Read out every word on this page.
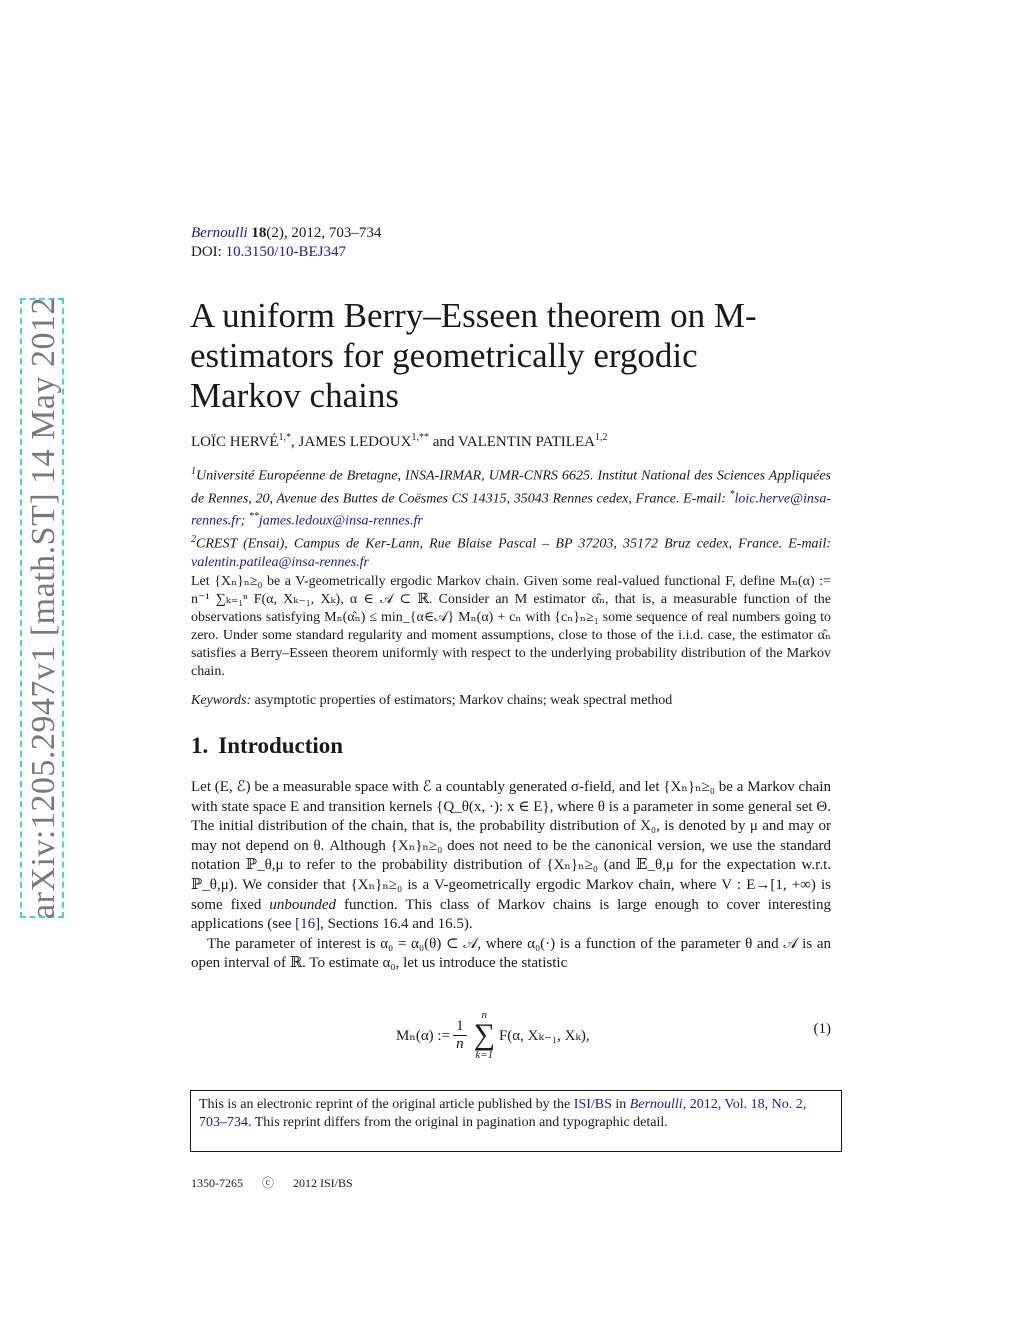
arXiv:1205.2947v1 [math.ST] 14 May 2012
Bernoulli 18(2), 2012, 703–734
DOI: 10.3150/10-BEJ347
A uniform Berry–Esseen theorem on M-estimators for geometrically ergodic Markov chains
LOÏC $HERVÉ^{1,*}$, JAMES $LEDOUX^{1,**}$ and VALENTIN PATILEA$^{1,2}$
$^1$Université Européenne de Bretagne, INSA-IRMAR, UMR-CNRS 6625. Institut National des Sciences Appliquées de Rennes, 20, Avenue des Buttes de Coësmes CS 14315, 35043 Rennes cedex, France. E-mail: *loic.herve@insa-rennes.fr; **james.ledoux@insa-rennes.fr
$^2$CREST (Ensai), Campus de Ker-Lann, Rue Blaise Pascal – BP 37203, 35172 Bruz cedex, France. E-mail: valentin.patilea@insa-rennes.fr
Let {Xₙ}ₙ≥₀ be a V-geometrically ergodic Markov chain. Given some real-valued functional F, define Mₙ(α) := n⁻¹ ∑ₖ₌₁ⁿ F(α, Xₖ₋₁, Xₖ), α ∈ 𝒜 ⊂ ℝ. Consider an M estimator α̂ₙ, that is, a measurable function of the observations satisfying Mₙ(α̂ₙ) ≤ min_{α∈𝒜} Mₙ(α) + cₙ with {cₙ}ₙ≥₁ some sequence of real numbers going to zero. Under some standard regularity and moment assumptions, close to those of the i.i.d. case, the estimator α̂ₙ satisfies a Berry–Esseen theorem uniformly with respect to the underlying probability distribution of the Markov chain.
Keywords: asymptotic properties of estimators; Markov chains; weak spectral method
1. Introduction

Let (E, ℰ) be a measurable space with ℰ a countably generated σ-field, and let {Xₙ}ₙ≥₀ be a Markov chain with state space E and transition kernels {Q_θ(x, ·): x ∈ E}, where θ is a parameter in some general set Θ. The initial distribution of the chain, that is, the probability distribution of X₀, is denoted by μ and may or may not depend on θ. Although {Xₙ}ₙ≥₀ does not need to be the canonical version, we use the standard notation ℙ_θ,μ to refer to the probability distribution of {Xₙ}ₙ≥₀ (and 𝔼_θ,μ for the expectation w.r.t. ℙ_θ,μ). We consider that {Xₙ}ₙ≥₀ is a V-geometrically ergodic Markov chain, where V : E→[1, +∞) is some fixed unbounded function. This class of Markov chains is large enough to cover interesting applications (see [16], Sections 16.4 and 16.5).

The parameter of interest is α₀ = α₀(θ) ⊂ 𝒜, where α₀(·) is a function of the parameter θ and 𝒜 is an open interval of ℝ. To estimate α₀, let us introduce the statistic

Mₙ(α) := $\frac{1}{n}$
n
∑
k=1
F(α, Xₖ₋₁, Xₖ),	(1)
This is an electronic reprint of the original article published by the ISI/BS in Bernoulli, 2012, Vol. 18, No. 2, 703–734. This reprint differs from the original in pagination and typographic detail.
1350-7265 ⓒ 2012 ISI/BS
